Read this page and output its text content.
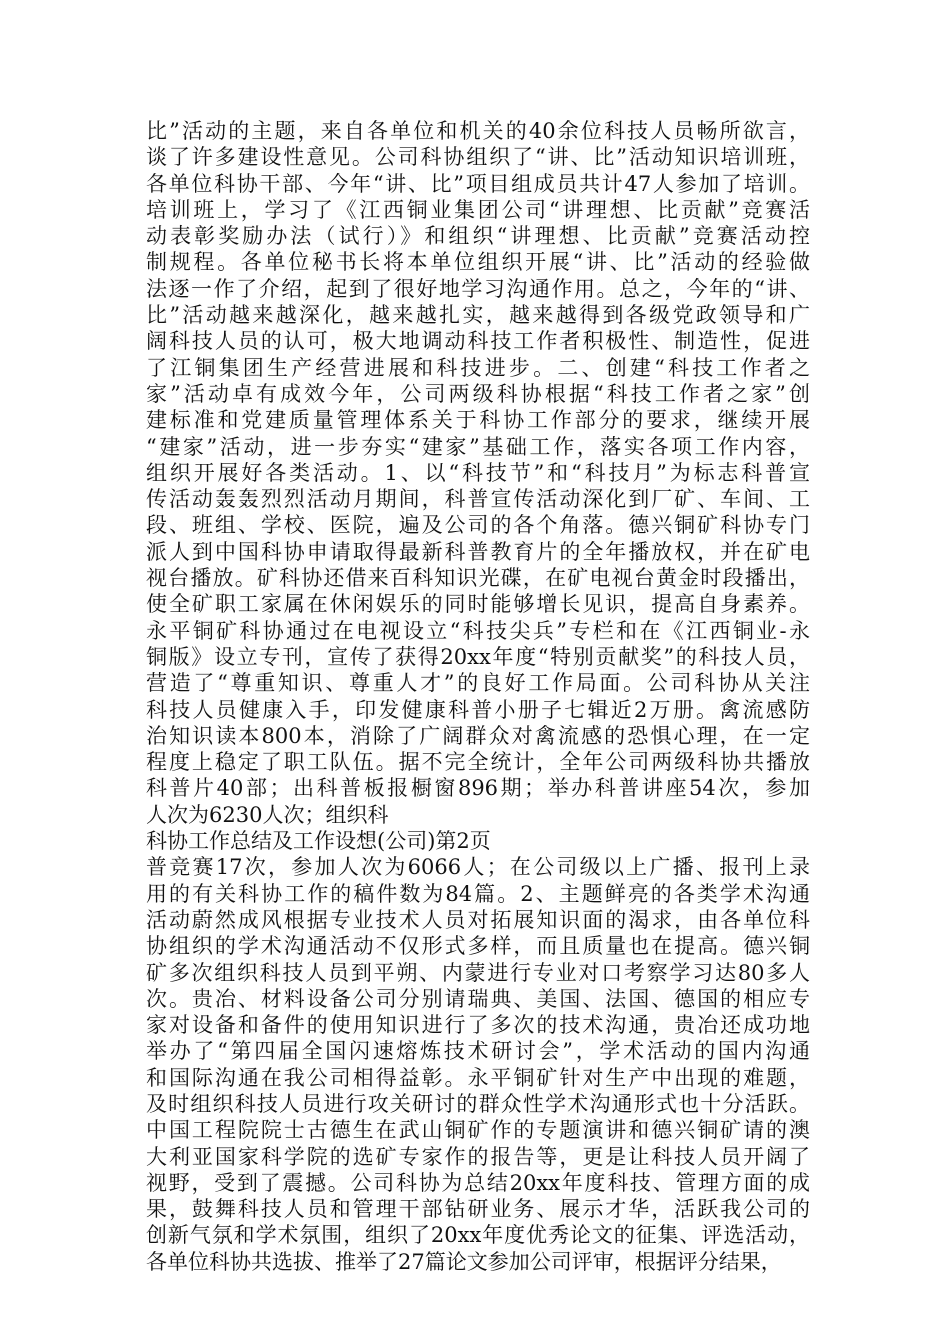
比”活动的主题，来自各单位和机关的40余位科技人员畅所欲言，
谈了许多建设性意见。公司科协组织了“讲、比”活动知识培训班，
各单位科协干部、今年“讲、比”项目组成员共计47人参加了培训。
培训班上，学习了《江西铜业集团公司“讲理想、比贡献”竞赛活
动表彰奖励办法（试行）》和组织“讲理想、比贡献”竞赛活动控
制规程。各单位秘书长将本单位组织开展“讲、比”活动的经验做
法逐一作了介绍，起到了很好地学习沟通作用。总之，今年的“讲、
比”活动越来越深化，越来越扎实，越来越得到各级党政领导和广
阔科技人员的认可，极大地调动科技工作者积极性、制造性，促进
了江铜集团生产经营进展和科技进步。二、创建“科技工作者之
家”活动卓有成效今年，公司两级科协根据“科技工作者之家”创
建标准和党建质量管理体系关于科协工作部分的要求，继续开展
“建家”活动，进一步夯实“建家”基础工作，落实各项工作内容，
组织开展好各类活动。1、以“科技节”和“科技月”为标志科普宣
传活动轰轰烈烈活动月期间，科普宣传活动深化到厂矿、车间、工
段、班组、学校、医院，遍及公司的各个角落。德兴铜矿科协专门
派人到中国科协申请取得最新科普教育片的全年播放权，并在矿电
视台播放。矿科协还借来百科知识光碟，在矿电视台黄金时段播出，
使全矿职工家属在休闲娱乐的同时能够增长见识，提高自身素养。
永平铜矿科协通过在电视设立“科技尖兵”专栏和在《江西铜业-永
铜版》设立专刊，宣传了获得20xx年度“特别贡献奖”的科技人员，
营造了“尊重知识、尊重人才”的良好工作局面。公司科协从关注
科技人员健康入手，印发健康科普小册子七辑近2万册。禽流感防
治知识读本800本，消除了广阔群众对禽流感的恐惧心理，在一定
程度上稳定了职工队伍。据不完全统计，全年公司两级科协共播放
科普片40部；出科普板报橱窗896期；举办科普讲座54次，参加
人次为6230人次；组织科
科协工作总结及工作设想(公司)第2页
普竞赛17次，参加人次为6066人；在公司级以上广播、报刊上录
用的有关科协工作的稿件数为84篇。2、主题鲜亮的各类学术沟通
活动蔚然成风根据专业技术人员对拓展知识面的渴求，由各单位科
协组织的学术沟通活动不仅形式多样，而且质量也在提高。德兴铜
矿多次组织科技人员到平朔、内蒙进行专业对口考察学习达80多人
次。贵冶、材料设备公司分别请瑞典、美国、法国、德国的相应专
家对设备和备件的使用知识进行了多次的技术沟通，贵冶还成功地
举办了“第四届全国闪速熔炼技术研讨会”，学术活动的国内沟通
和国际沟通在我公司相得益彰。永平铜矿针对生产中出现的难题，
及时组织科技人员进行攻关研讨的群众性学术沟通形式也十分活跃。
中国工程院院士古德生在武山铜矿作的专题演讲和德兴铜矿请的澳
大利亚国家科学院的选矿专家作的报告等，更是让科技人员开阔了
视野，受到了震撼。公司科协为总结20xx年度科技、管理方面的成
果，鼓舞科技人员和管理干部钻研业务、展示才华，活跃我公司的
创新气氛和学术氛围，组织了20xx年度优秀论文的征集、评选活动，
各单位科协共选拔、推举了27篇论文参加公司评审，根据评分结果，
